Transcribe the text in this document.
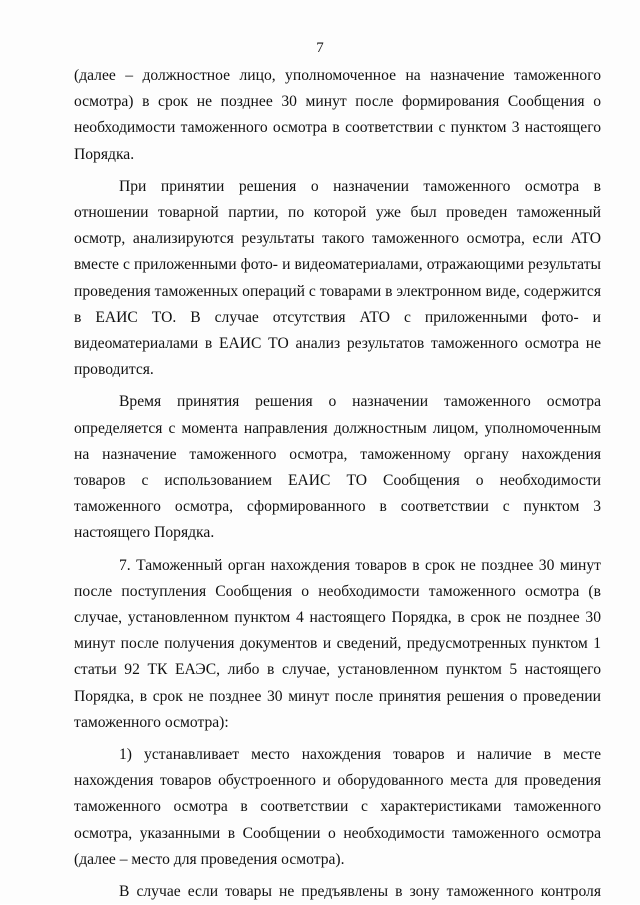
7

(далее – должностное лицо, уполномоченное на назначение таможенного осмотра) в срок не позднее 30 минут после формирования Сообщения о необходимости таможенного осмотра в соответствии с пунктом 3 настоящего Порядка.

При принятии решения о назначении таможенного осмотра в отношении товарной партии, по которой уже был проведен таможенный осмотр, анализируются результаты такого таможенного осмотра, если АТО вместе с приложенными фото- и видеоматериалами, отражающими результаты проведения таможенных операций с товарами в электронном виде, содержится в ЕАИС ТО. В случае отсутствия АТО с приложенными фото- и видеоматериалами в ЕАИС ТО анализ результатов таможенного осмотра не проводится.

Время принятия решения о назначении таможенного осмотра определяется с момента направления должностным лицом, уполномоченным на назначение таможенного осмотра, таможенному органу нахождения товаров с использованием ЕАИС ТО Сообщения о необходимости таможенного осмотра, сформированного в соответствии с пунктом 3 настоящего Порядка.

7. Таможенный орган нахождения товаров в срок не позднее 30 минут после поступления Сообщения о необходимости таможенного осмотра (в случае, установленном пунктом 4 настоящего Порядка, в срок не позднее 30 минут после получения документов и сведений, предусмотренных пунктом 1 статьи 92 ТК ЕАЭС, либо в случае, установленном пунктом 5 настоящего Порядка, в срок не позднее 30 минут после принятия решения о проведении таможенного осмотра):

1) устанавливает место нахождения товаров и наличие в месте нахождения товаров обустроенного и оборудованного места для проведения таможенного осмотра в соответствии с характеристиками таможенного осмотра, указанными в Сообщении о необходимости таможенного осмотра (далее – место для проведения осмотра).

В случае если товары не предъявлены в зону таможенного контроля
